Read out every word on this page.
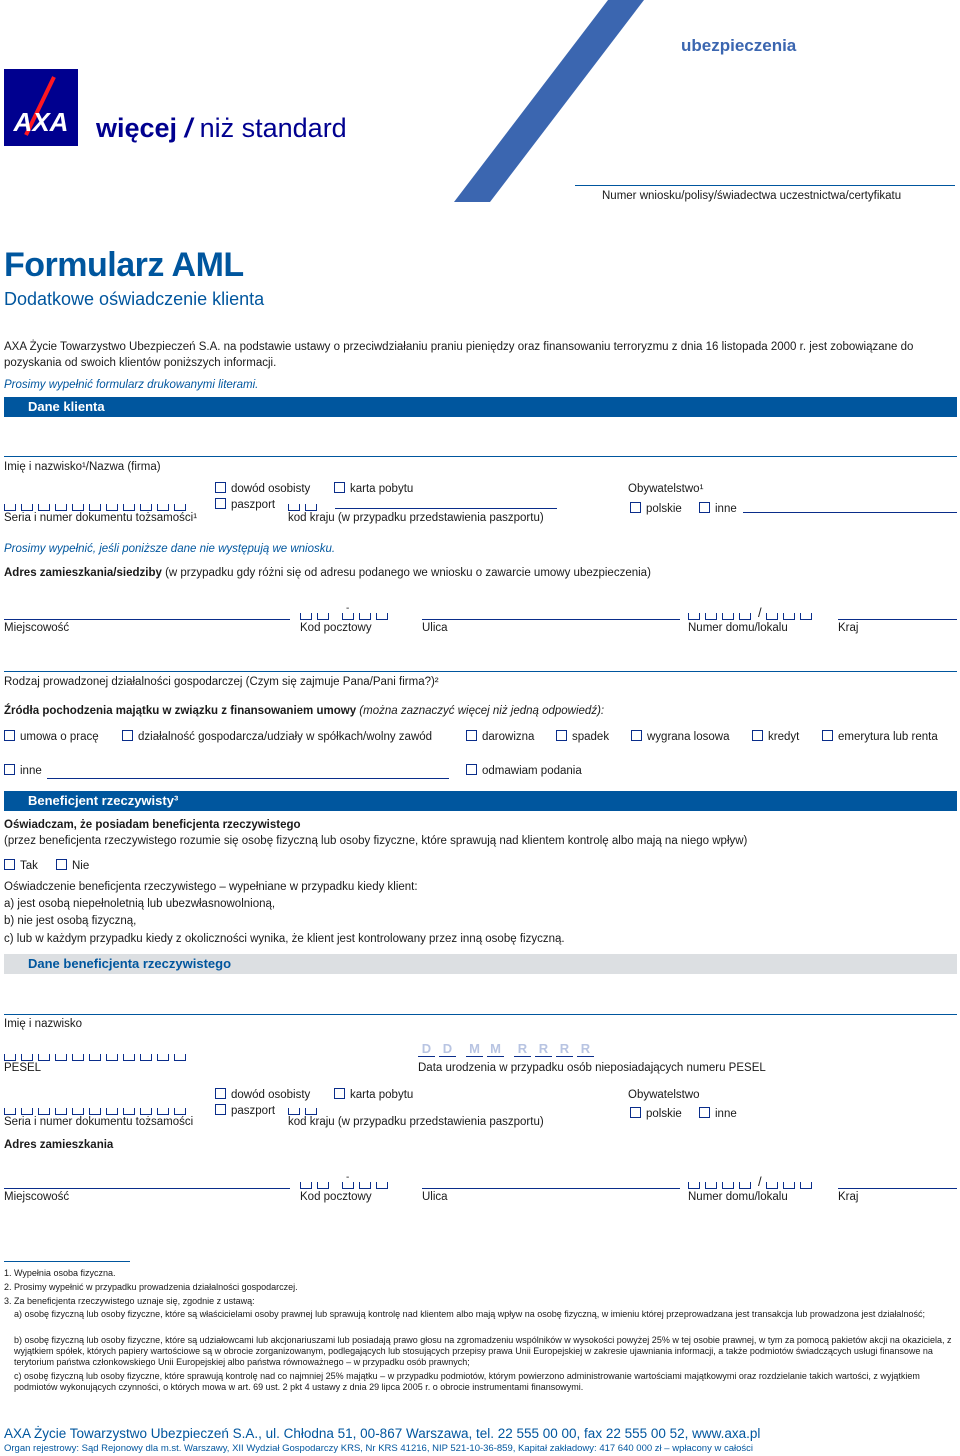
ubezpieczenia
AXA więcej / niż standard
Numer wniosku/polisy/świadectwa uczestnictwa/certyfikatu
Formularz AML
Dodatkowe oświadczenie klienta
AXA Życie Towarzystwo Ubezpieczeń S.A. na podstawie ustawy o przeciwdziałaniu praniu pieniędzy oraz finansowaniu terroryzmu z dnia 16 listopada 2000 r. jest zobowiązane do pozyskania od swoich klientów poniższych informacji.
Prosimy wypełnić formularz drukowanymi literami.
Dane klienta
Imię i nazwisko¹/Nazwa (firma)
Seria i numer dokumentu tożsamości¹
dowód osobisty	karta pobytu
paszport
kod kraju (w przypadku przedstawienia paszportu)
Obywatelstwo¹
polskie	inne
Prosimy wypełnić, jeśli poniższe dane nie występują we wniosku.
Adres zamieszkania/siedziby (w przypadku gdy różni się od adresu podanego we wniosku o zawarcie umowy ubezpieczenia)
-	/
Miejscowość	Kod pocztowy	Ulica	Numer domu/lokalu	Kraj
Rodzaj prowadzonej działalności gospodarczej (Czym się zajmuje Pana/Pani firma?)²
Źródła pochodzenia majątku w związku z finansowaniem umowy (można zaznaczyć więcej niż jedną odpowiedź):
umowa o pracę	działalność gospodarcza/udziały w spółkach/wolny zawód	darowizna	spadek	wygrana losowa	kredyt	emerytura lub renta
inne	odmawiam podania
Beneficjent rzeczywisty³
Oświadczam, że posiadam beneficjenta rzeczywistego
(przez beneficjenta rzeczywistego rozumie się osobę fizyczną lub osoby fizyczne, które sprawują nad klientem kontrolę albo mają na niego wpływ)
Tak	Nie
Oświadczenie beneficjenta rzeczywistego – wypełniane w przypadku kiedy klient:
a) jest osobą niepełnoletnią lub ubezwłasnowolnioną,
b) nie jest osobą fizyczną,
c) lub w każdym przypadku kiedy z okoliczności wynika, że klient jest kontrolowany przez inną osobę fizyczną.
Dane beneficjenta rzeczywistego
Imię i nazwisko
PESEL
D D M M R R R R
Data urodzenia w przypadku osób nieposiadających numeru PESEL
Seria i numer dokumentu tożsamości
dowód osobisty	karta pobytu
paszport
kod kraju (w przypadku przedstawienia paszportu)
Obywatelstwo
polskie	inne
Adres zamieszkania
-	/
Miejscowość	Kod pocztowy	Ulica	Numer domu/lokalu	Kraj
1. Wypełnia osoba fizyczna.
2. Prosimy wypełnić w przypadku prowadzenia działalności gospodarczej.
3. Za beneficjenta rzeczywistego uznaje się, zgodnie z ustawą:
a) osobę fizyczną lub osoby fizyczne, które są właścicielami osoby prawnej lub sprawują kontrolę nad klientem albo mają wpływ na osobę fizyczną, w imieniu której przeprowadzana jest transakcja lub prowadzona jest działalność;
b) osobę fizyczną lub osoby fizyczne, które są udziałowcami lub akcjonariuszami lub posiadają prawo głosu na zgromadzeniu wspólników w wysokości powyżej 25% w tej osobie prawnej, w tym za pomocą pakietów akcji na okaziciela, z wyjątkiem spółek, których papiery wartościowe są w obrocie zorganizowanym, podlegających lub stosujących przepisy prawa Unii Europejskiej w zakresie ujawniania informacji, a także podmiotów świadczących usługi finansowe na terytorium państwa członkowskiego Unii Europejskiej albo państwa równoważnego – w przypadku osób prawnych;
c) osobę fizyczną lub osoby fizyczne, które sprawują kontrolę nad co najmniej 25% majątku – w przypadku podmiotów, którym powierzono administrowanie wartościami majątkowymi oraz rozdzielanie takich wartości, z wyjątkiem podmiotów wykonujących czynności, o których mowa w art. 69 ust. 2 pkt 4 ustawy z dnia 29 lipca 2005 r. o obrocie instrumentami finansowymi.
AXA Życie Towarzystwo Ubezpieczeń S.A., ul. Chłodna 51, 00-867 Warszawa, tel. 22 555 00 00, fax 22 555 00 52, www.axa.pl
Organ rejestrowy: Sąd Rejonowy dla m.st. Warszawy, XII Wydział Gospodarczy KRS, Nr KRS 41216, NIP 521-10-36-859, Kapitał zakładowy: 417 640 000 zł – wpłacony w całości
